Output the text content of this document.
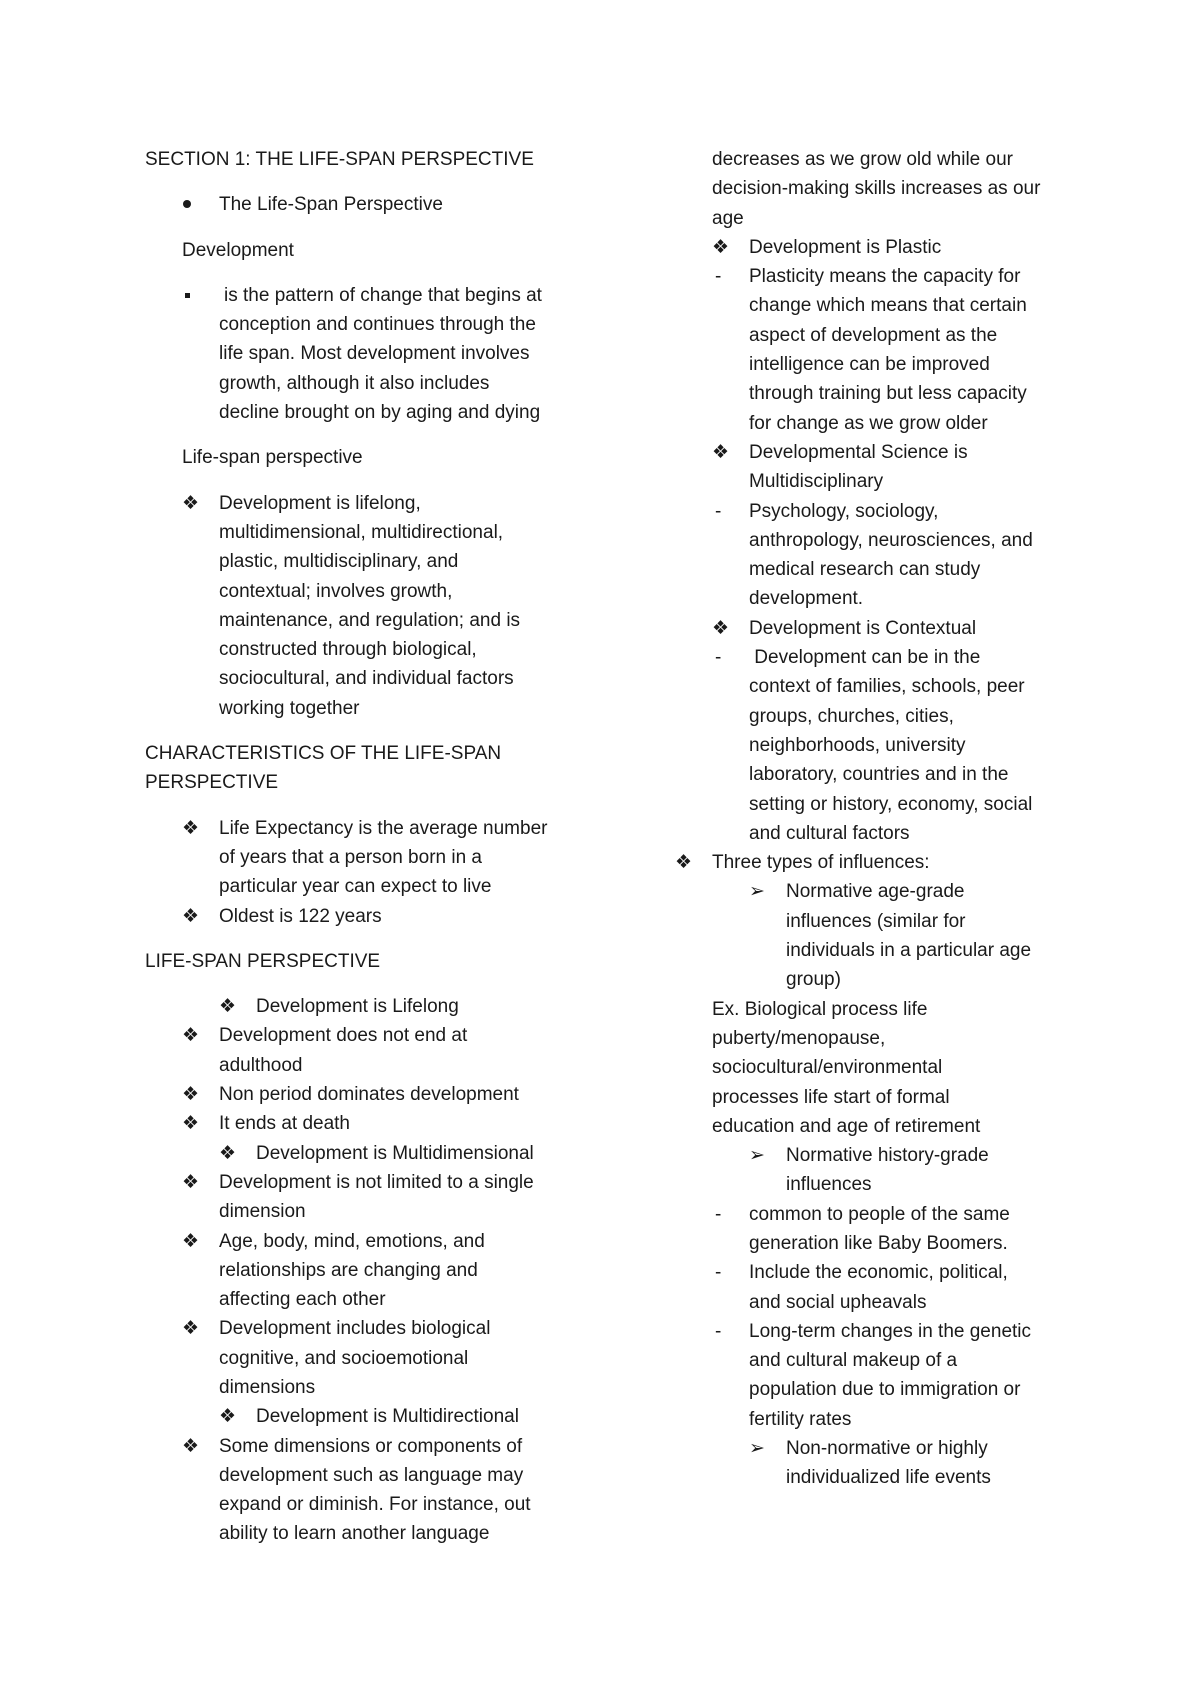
SECTION 1: THE LIFE-SPAN PERSPECTIVE
The Life-Span Perspective
Development
is the pattern of change that begins at
conception and continues through the
life span. Most development involves
growth, although it also includes
decline brought on by aging and dying
Life-span perspective
❖ Development is lifelong,
multidimensional, multidirectional,
plastic, multidisciplinary, and
contextual; involves growth,
maintenance, and regulation; and is
constructed through biological,
sociocultural, and individual factors
working together
CHARACTERISTICS OF THE LIFE-SPAN
PERSPECTIVE
❖ Life Expectancy is the average number
of years that a person born in a
particular year can expect to live
❖ Oldest is 122 years
LIFE-SPAN PERSPECTIVE
❖ Development is Lifelong
❖ Development does not end at
adulthood
❖ Non period dominates development
❖ It ends at death
❖ Development is Multidimensional
❖ Development is not limited to a single
dimension
❖ Age, body, mind, emotions, and
relationships are changing and
affecting each other
❖ Development includes biological
cognitive, and socioemotional
dimensions
❖ Development is Multidirectional
❖ Some dimensions or components of
development such as language may
expand or diminish. For instance, out
ability to learn another language
decreases as we grow old while our
decision-making skills increases as our
age
❖ Development is Plastic
- Plasticity means the capacity for
change which means that certain
aspect of development as the
intelligence can be improved
through training but less capacity
for change as we grow older
❖ Developmental Science is
Multidisciplinary
- Psychology, sociology,
anthropology, neurosciences, and
medical research can study
development.
❖ Development is Contextual
- Development can be in the
context of families, schools, peer
groups, churches, cities,
neighborhoods, university
laboratory, countries and in the
setting or history, economy, social
and cultural factors
❖ Three types of influences:
➢ Normative age-grade
influences (similar for
individuals in a particular age
group)
Ex. Biological process life
puberty/menopause,
sociocultural/environmental
processes life start of formal
education and age of retirement
➢ Normative history-grade
influences
- common to people of the same
generation like Baby Boomers.
- Include the economic, political,
and social upheavals
- Long-term changes in the genetic
and cultural makeup of a
population due to immigration or
fertility rates
➢ Non-normative or highly
individualized life events
